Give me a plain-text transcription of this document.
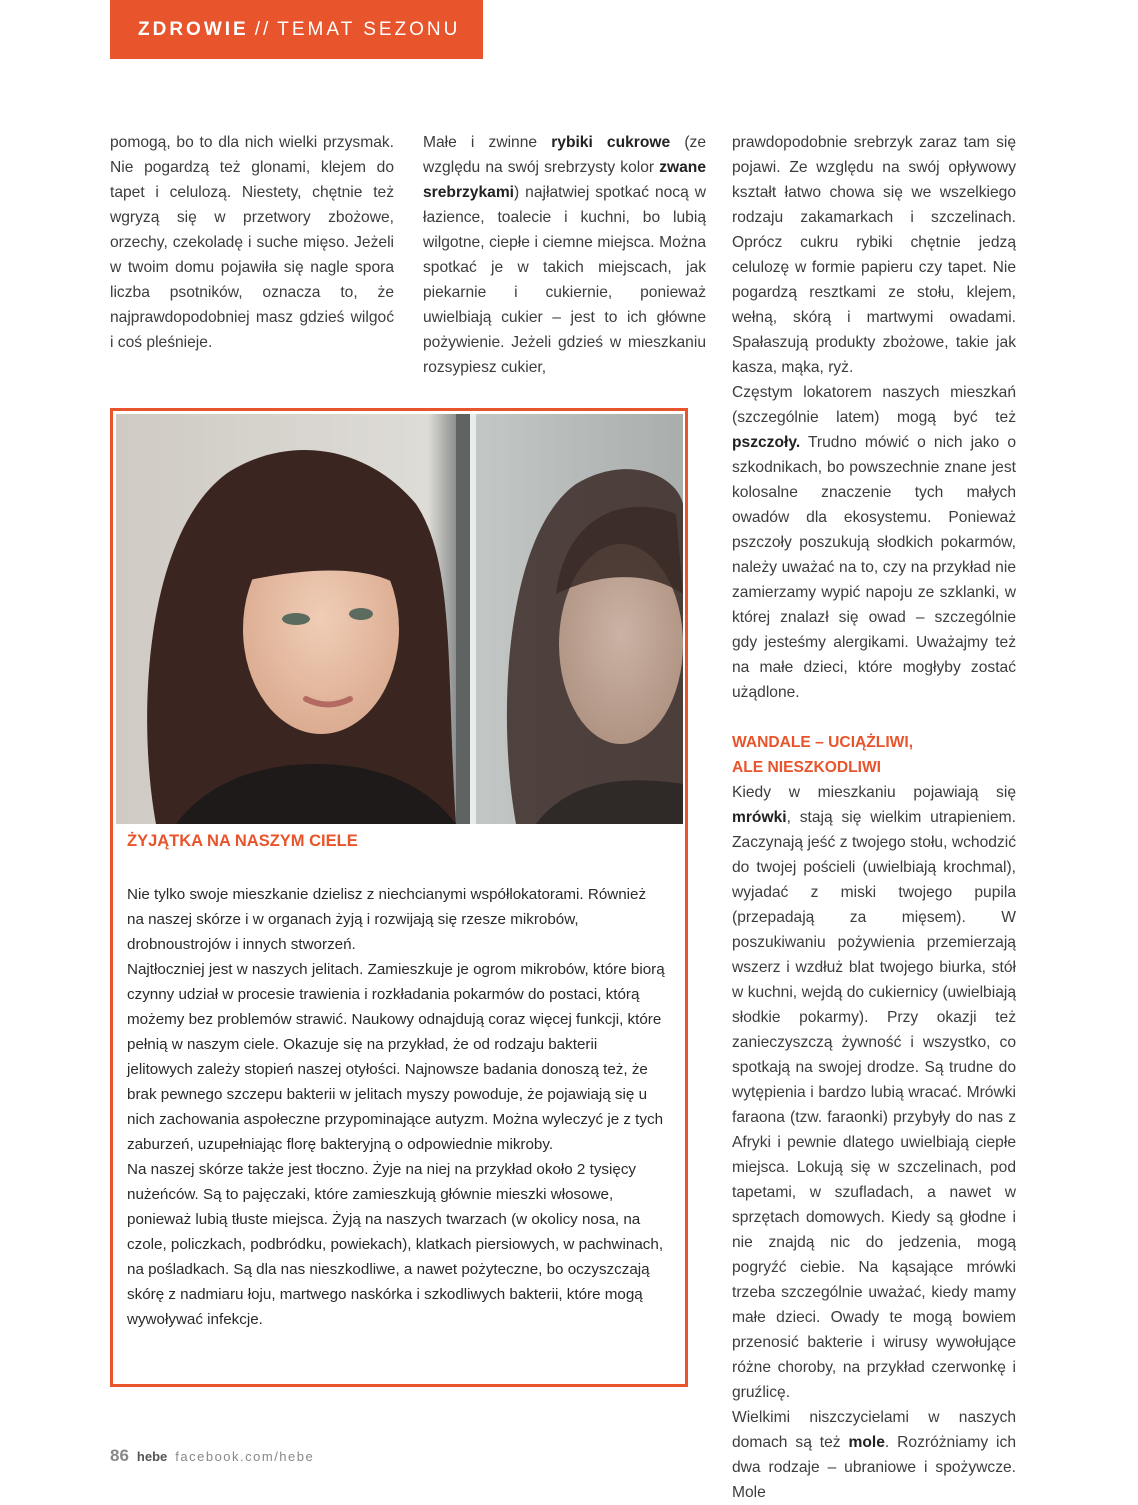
ZDROWIE // TEMAT SEZONU

pomogą, bo to dla nich wielki przysmak. Nie pogardzą też glonami, klejem do tapet i celulozą. Niestety, chętnie też wgryzą się w przetwory zbożowe, orzechy, czekoladę i suche mięso. Jeżeli w twoim domu pojawiła się nagle spora liczba psotników, oznacza to, że najprawdopodobniej masz gdzieś wilgoć i coś pleśnieje.

Małe i zwinne rybiki cukrowe (ze względu na swój srebrzysty kolor zwane srebrzykami) najłatwiej spotkać nocą w łazience, toalecie i kuchni, bo lubią wilgotne, ciepłe i ciemne miejsca. Można spotkać je w takich miejscach, jak piekarnie i cukiernie, ponieważ uwielbiają cukier – jest to ich główne pożywienie. Jeżeli gdzieś w mieszkaniu rozsypiesz cukier,

prawdopodobnie srebrzyk zaraz tam się pojawi. Ze względu na swój opływowy kształt łatwo chowa się we wszelkiego rodzaju zakamarkach i szczelinach. Oprócz cukru rybiki chętnie jedzą celulozę w formie papieru czy tapet. Nie pogardzą resztkami ze stołu, klejem, wełną, skórą i martwymi owadami. Spałaszują produkty zbożowe, takie jak kasza, mąka, ryż.

Częstym lokatorem naszych mieszkań (szczególnie latem) mogą być też pszczoły. Trudno mówić o nich jako o szkodnikach, bo powszechnie znane jest kolosalne znaczenie tych małych owadów dla ekosystemu. Ponieważ pszczoły poszukują słodkich pokarmów, należy uważać na to, czy na przykład nie zamierzamy wypić napoju ze szklanki, w której znalazł się owad – szczególnie gdy jesteśmy alergikami. Uważajmy też na małe dzieci, które mogłyby zostać użądlone.

WANDALE – UCIĄŻLIWI,
ALE NIESZKODLIWI

Kiedy w mieszkaniu pojawiają się mrówki, stają się wielkim utrapieniem. Zaczynają jeść z twojego stołu, wchodzić do twojej pościeli (uwielbiają krochmal), wyjadać z miski twojego pupila (przepadają za mięsem). W poszukiwaniu pożywienia przemierzają wszerz i wzdłuż blat twojego biurka, stół w kuchni, wejdą do cukiernicy (uwielbiają słodkie pokarmy). Przy okazji też zanieczyszczą żywność i wszystko, co spotkają na swojej drodze. Są trudne do wytępienia i bardzo lubią wracać. Mrówki faraona (tzw. faraonki) przybyły do nas z Afryki i pewnie dlatego uwielbiają ciepłe miejsca. Lokują się w szczelinach, pod tapetami, w szufladach, a nawet w sprzętach domowych. Kiedy są głodne i nie znajdą nic do jedzenia, mogą pogryźć ciebie. Na kąsające mrówki trzeba szczególnie uważać, kiedy mamy małe dzieci. Owady te mogą bowiem przenosić bakterie i wirusy wywołujące różne choroby, na przykład czerwonkę i gruźlicę.

Wielkimi niszczycielami w naszych domach są też mole. Rozróżniamy ich dwa rodzaje – ubraniowe i spożywcze. Mole

ŻYJĄTKA NA NASZYM CIELE

Nie tylko swoje mieszkanie dzielisz z niechcianymi współlokatorami. Również na naszej skórze i w organach żyją i rozwijają się rzesze mikrobów, drobnoustrojów i innych stworzeń.

Najtłoczniej jest w naszych jelitach. Zamieszkuje je ogrom mikrobów, które biorą czynny udział w procesie trawienia i rozkładania pokarmów do postaci, którą możemy bez problemów strawić. Naukowy odnajdują coraz więcej funkcji, które pełnią w naszym ciele. Okazuje się na przykład, że od rodzaju bakterii jelitowych zależy stopień naszej otyłości. Najnowsze badania donoszą też, że brak pewnego szczepu bakterii w jelitach myszy powoduje, że pojawiają się u nich zachowania aspołeczne przypominające autyzm. Można wyleczyć je z tych zaburzeń, uzupełniając florę bakteryjną o odpowiednie mikroby.

Na naszej skórze także jest tłoczno. Żyje na niej na przykład około 2 tysięcy nużeńców. Są to pajęczaki, które zamieszkują głównie mieszki włosowe, ponieważ lubią tłuste miejsca. Żyją na naszych twarzach (w okolicy nosa, na czole, policzkach, podbródku, powiekach), klatkach piersiowych, w pachwinach, na pośladkach. Są dla nas nieszkodliwe, a nawet pożyteczne, bo oczyszczają skórę z nadmiaru łoju, martwego naskórka i szkodliwych bakterii, które mogą wywoływać infekcje.

86 hebe facebook.com/hebe
